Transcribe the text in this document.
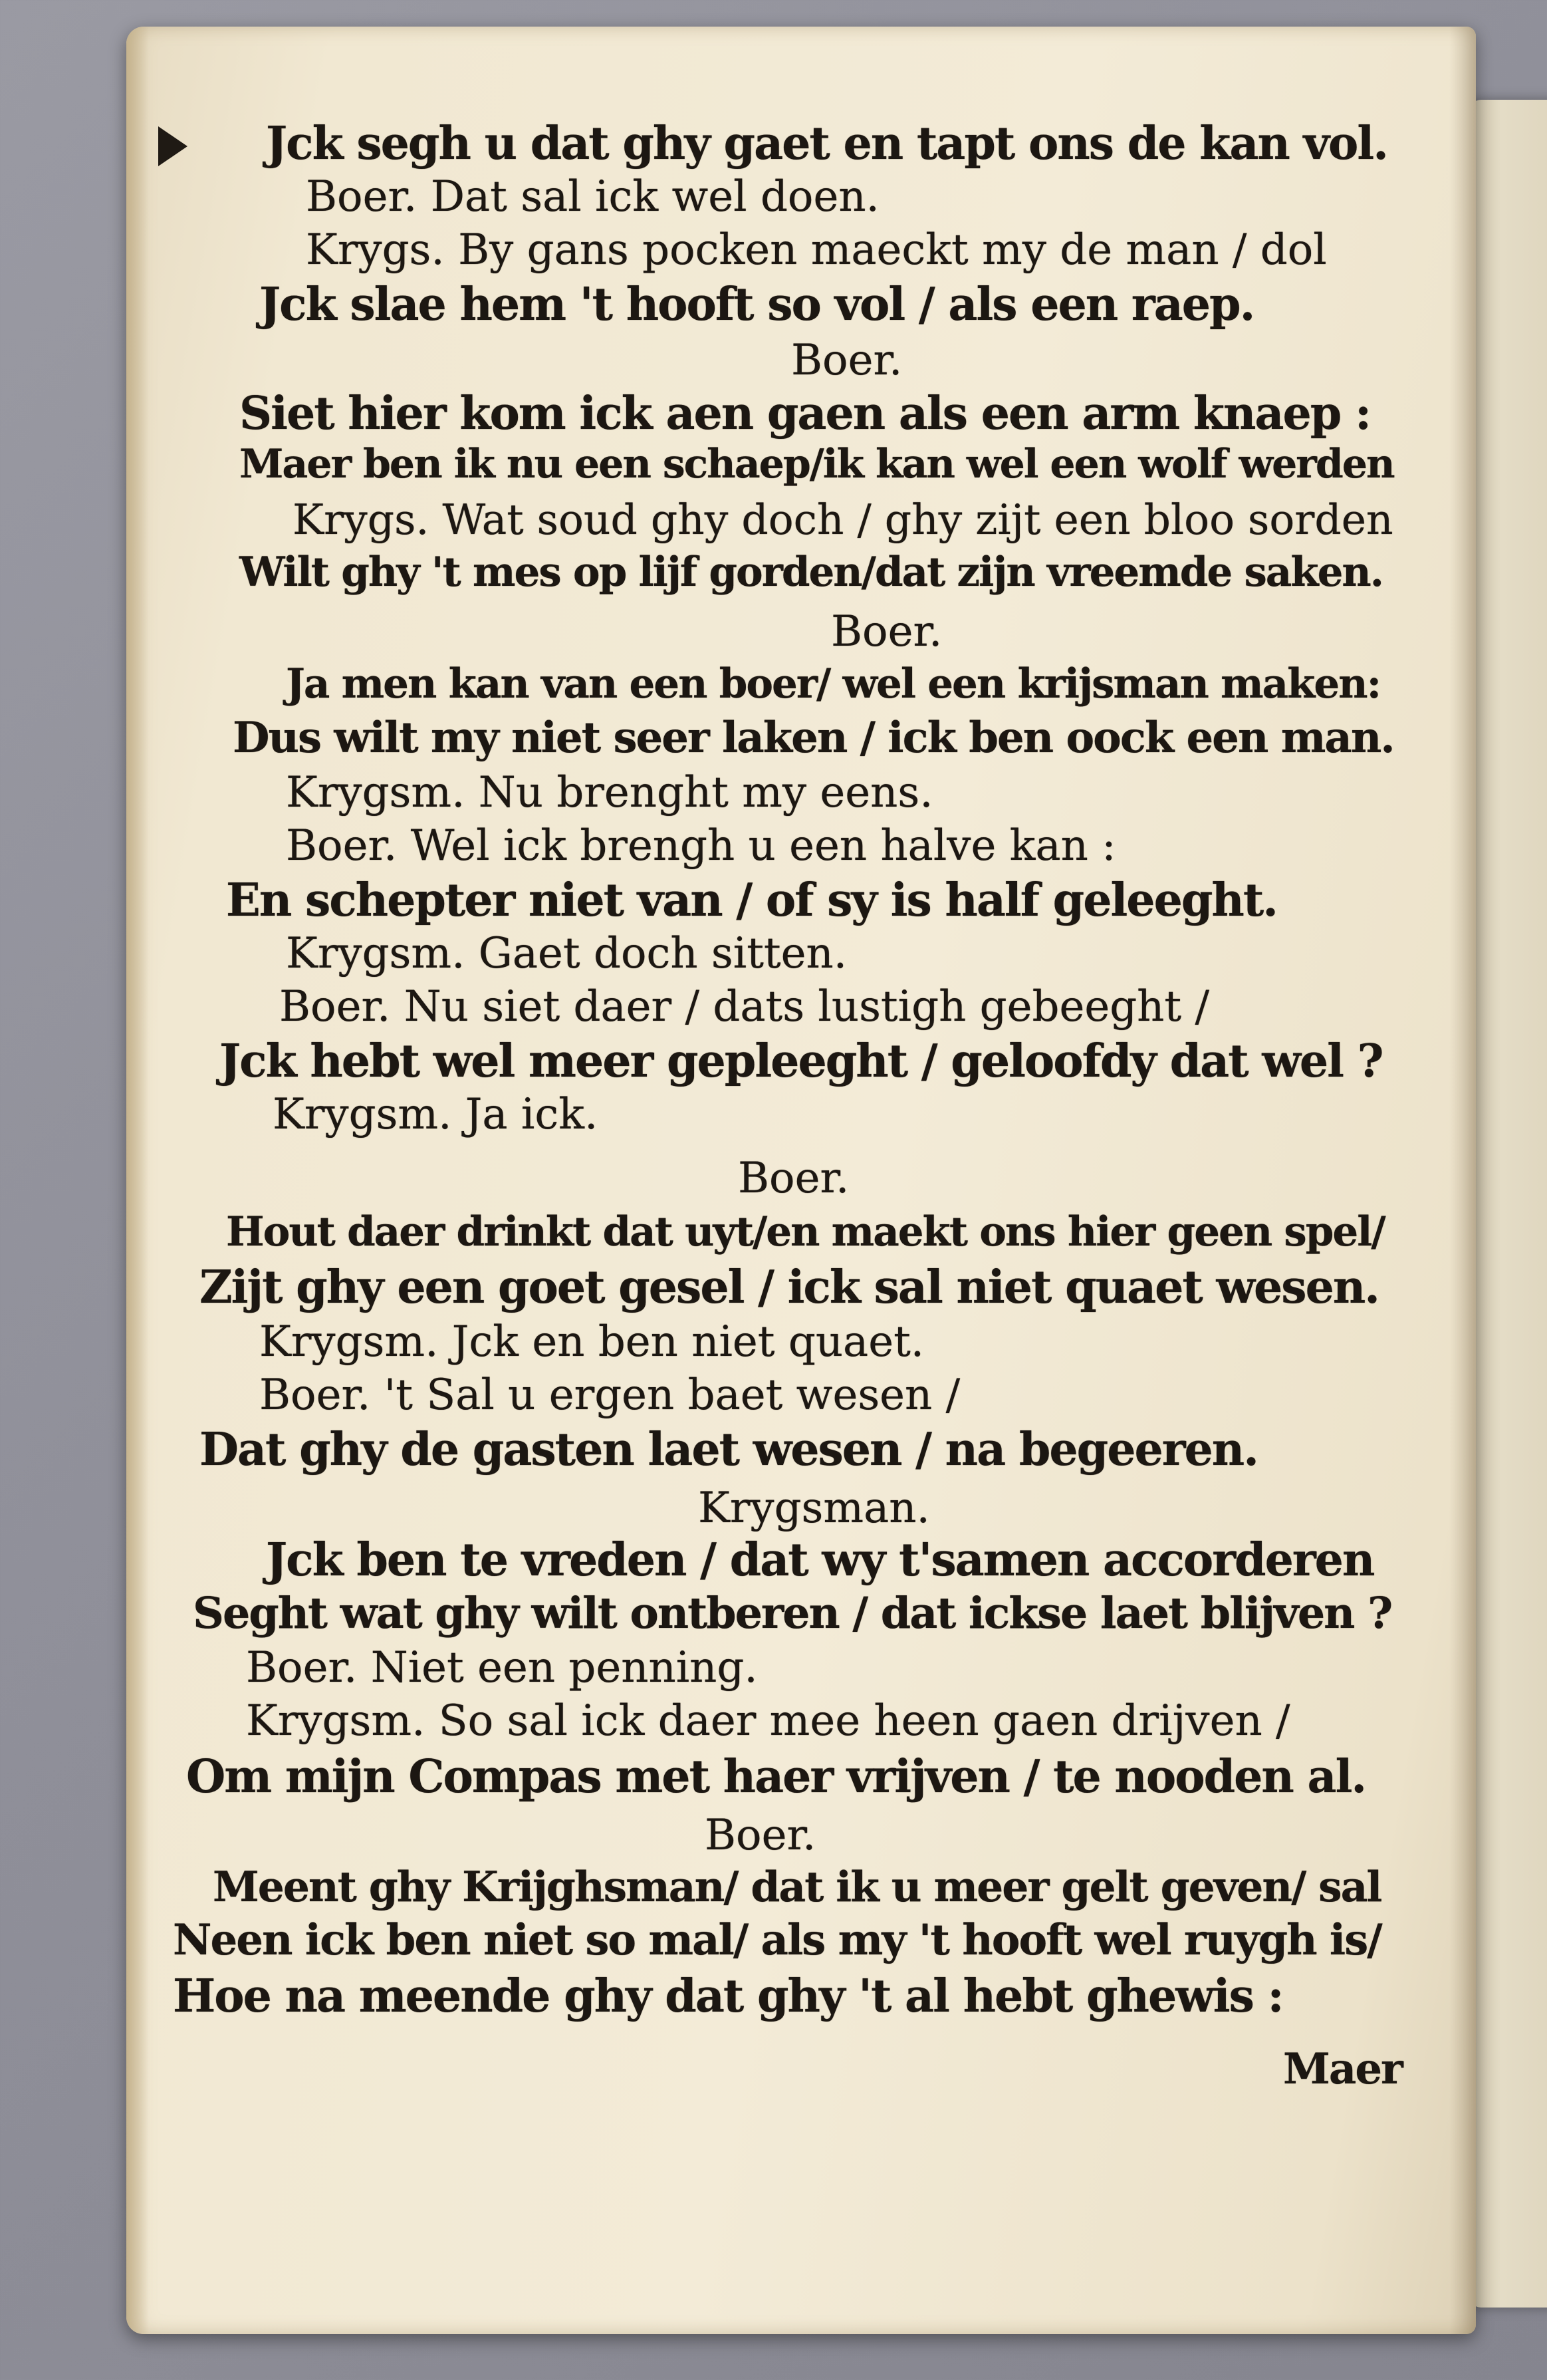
Jck segh u dat ghy gaet en tapt ons de kan vol.
Boer. Dat sal ick wel doen.
Krygs. By gans pocken maeckt my de man / dol
Jck slae hem 't hooft so vol / als een raep.
Boer.
Siet hier kom ick aen gaen als een arm knaep :
Maer ben ik nu een schaep/ik kan wel een wolf werden
Krygs. Wat soud ghy doch / ghy zijt een bloo sorden
Wilt ghy 't mes op lijf gorden/dat zijn vreemde saken.
Boer.
Ja men kan van een boer/ wel een krijsman maken:
Dus wilt my niet seer laken / ick ben oock een man.
Krygsm. Nu brenght my eens.
Boer. Wel ick brengh u een halve kan :
En schepter niet van / of sy is half geleeght.
Krygsm. Gaet doch sitten.
Boer. Nu siet daer / dats lustigh gebeeght /
Jck hebt wel meer gepleeght / geloofdy dat wel ?
Krygsm. Ja ick.
Boer.
Hout daer drinkt dat uyt/en maekt ons hier geen spel/
Zijt ghy een goet gesel / ick sal niet quaet wesen.
Krygsm. Jck en ben niet quaet.
Boer. 't Sal u ergen baet wesen /
Dat ghy de gasten laet wesen / na begeeren.
Krygsman.
Jck ben te vreden / dat wy t'samen accorderen
Seght wat ghy wilt ontberen / dat ickse laet blijven ?
Boer. Niet een penning.
Krygsm. So sal ick daer mee heen gaen drijven /
Om mijn Compas met haer vrijven / te nooden al.
Boer.
Meent ghy Krijghsman/ dat ik u meer gelt geven/ sal
Neen ick ben niet so mal/ als my 't hooft wel ruygh is/
Hoe na meende ghy dat ghy 't al hebt ghewis :
Maer
